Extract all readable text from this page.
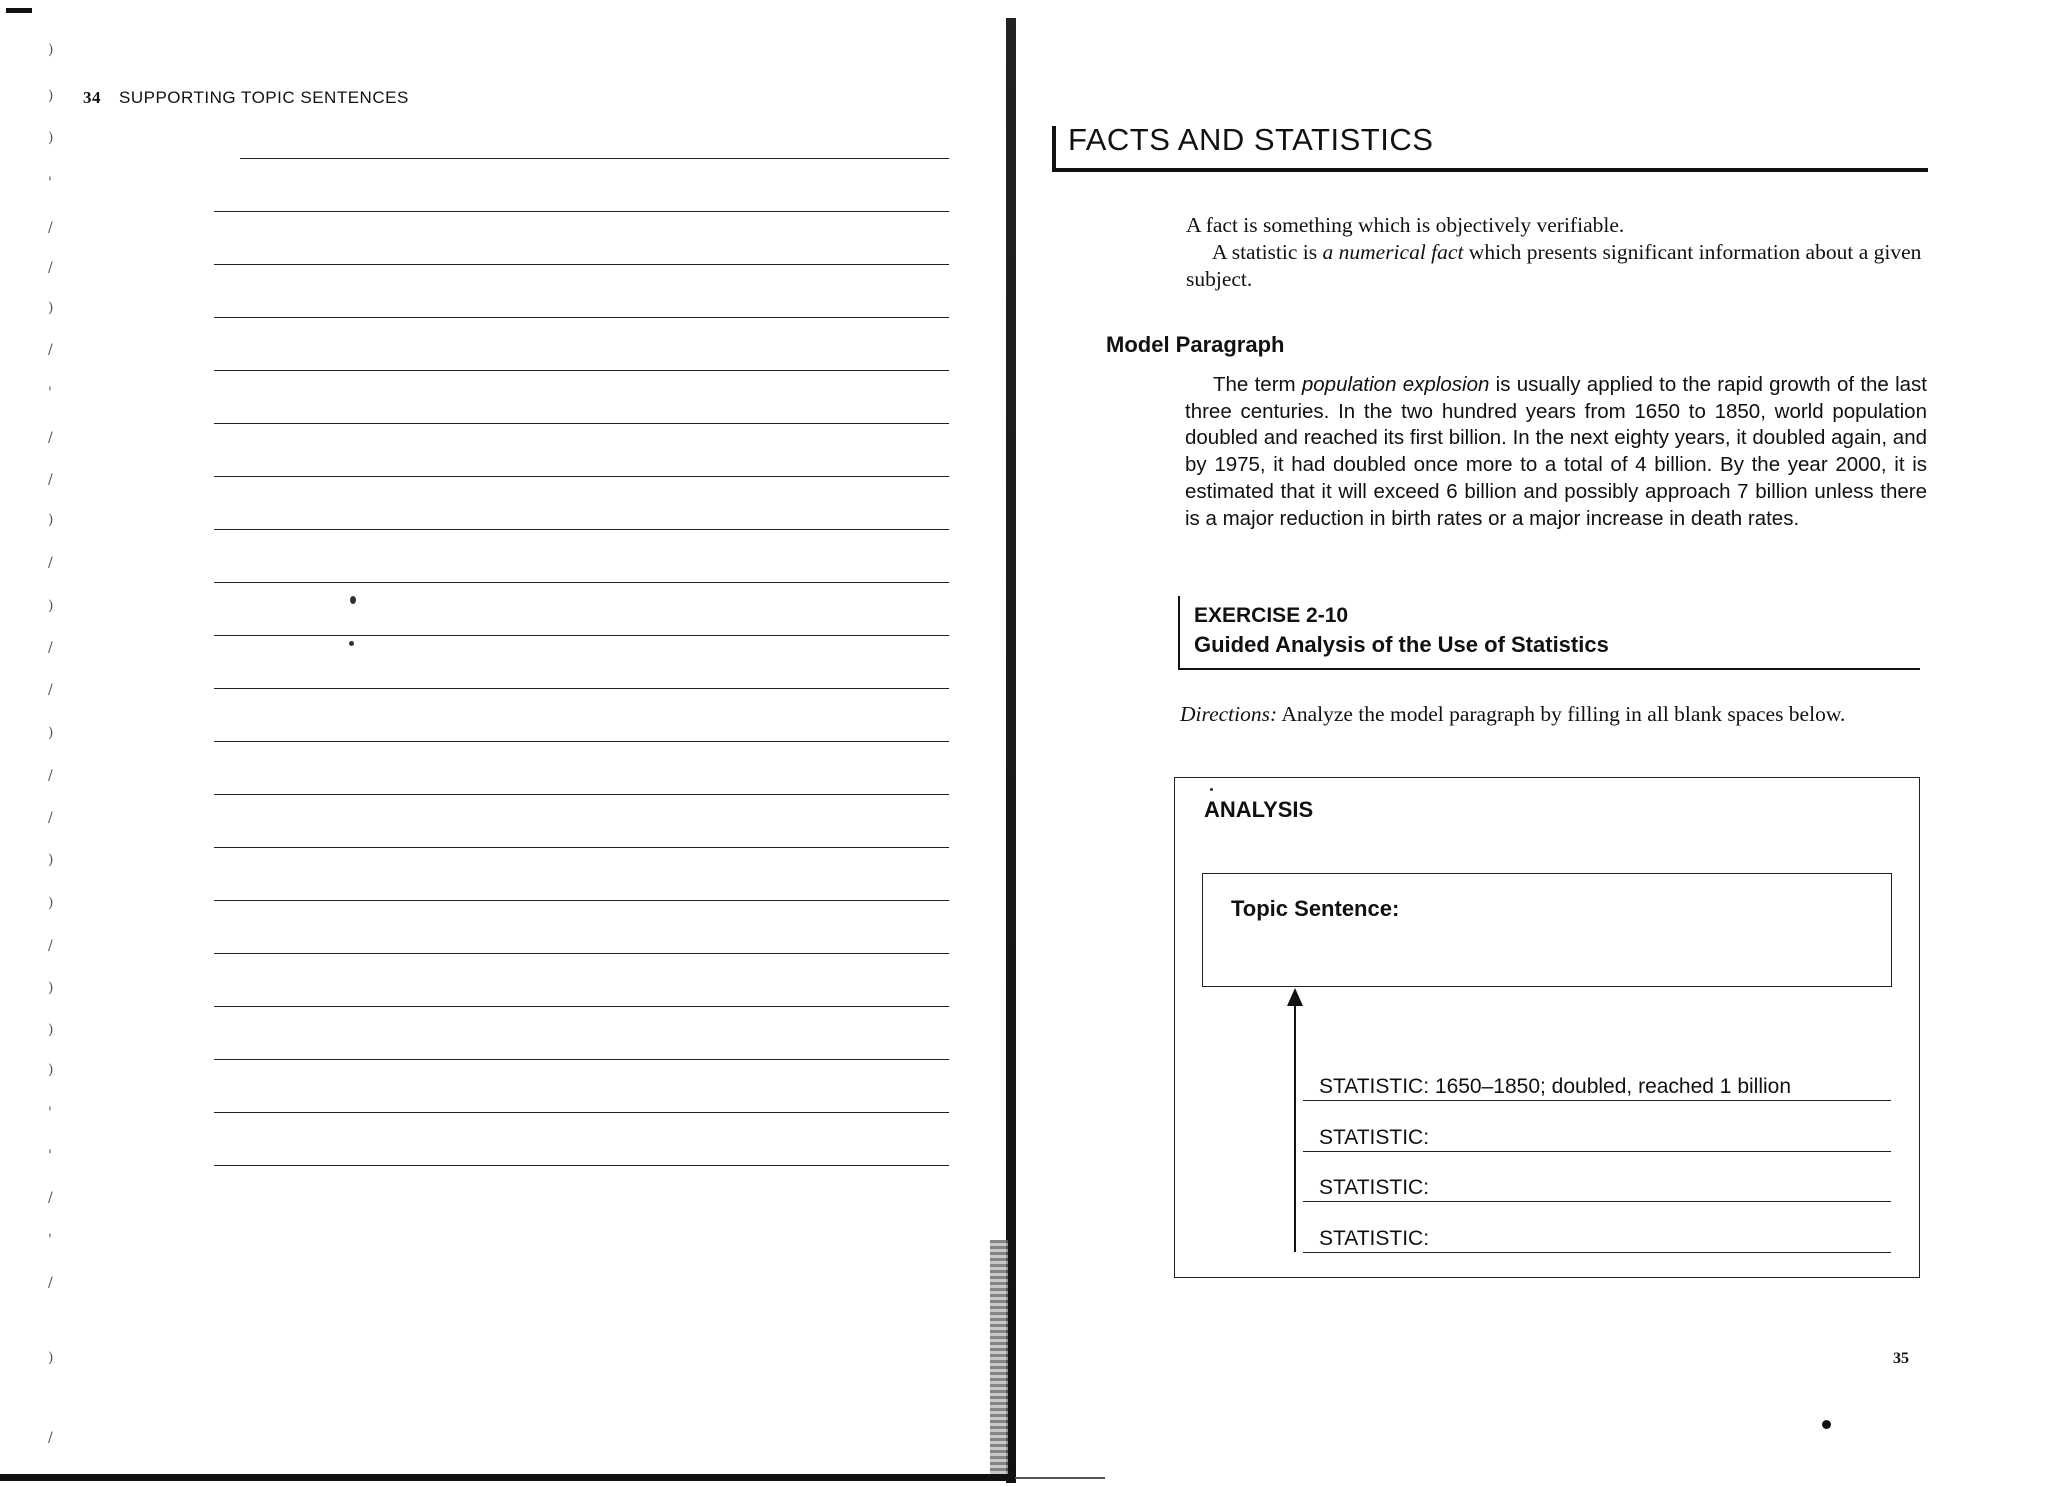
)
)
)
'
/
/
)
/
'
/
/
)
/
)
/
/
)
/
/
)
)
/
)
)
)
'
'
/
'
/
)
/
34 SUPPORTING TOPIC SENTENCES
FACTS AND STATISTICS

A fact is something which is objectively verifiable.

A statistic is a numerical fact which presents significant information about a given subject.

Model Paragraph

The term population explosion is usually applied to the rapid growth of the last three centuries. In the two hundred years from 1650 to 1850, world population doubled and reached its first billion. In the next eighty years, it doubled again, and by 1975, it had doubled once more to a total of 4 billion. By the year 2000, it is estimated that it will exceed 6 billion and possibly approach 7 billion unless there is a major reduction in birth rates or a major increase in death rates.

EXERCISE 2-10
Guided Analysis of the Use of Statistics
Directions: Analyze the model paragraph by filling in all blank spaces below.
ANALYSIS
Topic Sentence:
STATISTIC: 1650–1850; doubled, reached 1 billion
STATISTIC:
STATISTIC:
STATISTIC:
35
